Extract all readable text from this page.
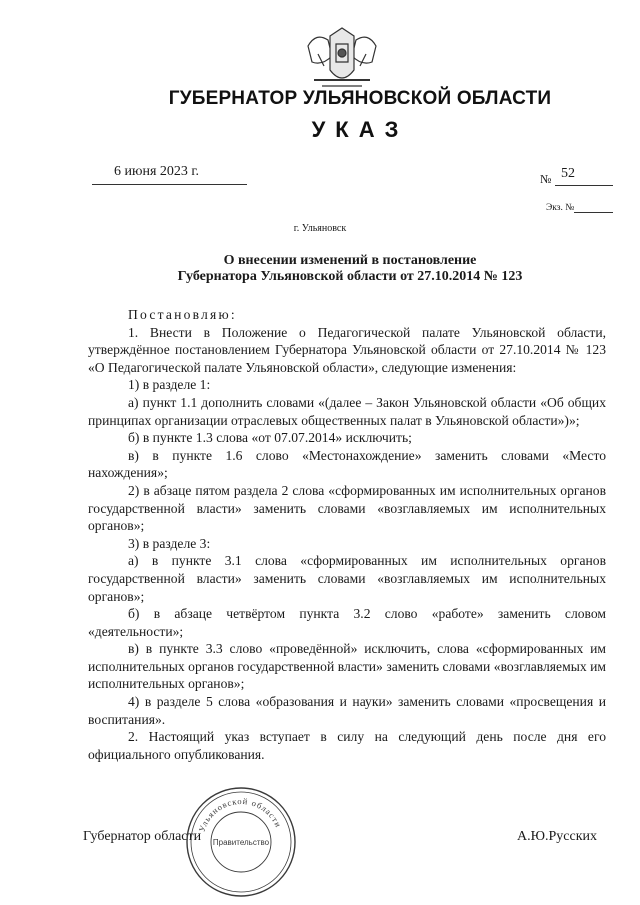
ГУБЕРНАТОР УЛЬЯНОВСКОЙ ОБЛАСТИ
УКАЗ
6 июня 2023 г.	№ 52
Экз. №
г. Ульяновск
О внесении изменений в постановление
Губернатора Ульяновской области от 27.10.2014 № 123

Постановляю:

1. Внести в Положение о Педагогической палате Ульяновской области, утверждённое постановлением Губернатора Ульяновской области от 27.10.2014 № 123 «О Педагогической палате Ульяновской области», следующие изменения:

1) в разделе 1:

а) пункт 1.1 дополнить словами «(далее – Закон Ульяновской области «Об общих принципах организации отраслевых общественных палат в Ульяновской области»)»;

б) в пункте 1.3 слова «от 07.07.2014» исключить;

в) в пункте 1.6 слово «Местонахождение» заменить словами «Место нахождения»;

2) в абзаце пятом раздела 2 слова «сформированных им исполнительных органов государственной власти» заменить словами «возглавляемых им исполнительных органов»;

3) в разделе 3:

а) в пункте 3.1 слова «сформированных им исполнительных органов государственной власти» заменить словами «возглавляемых им исполнительных органов»;

б) в абзаце четвёртом пункта 3.2 слово «работе» заменить словом «деятельности»;

в) в пункте 3.3 слово «проведённой» исключить, слова «сформированных им исполнительных органов государственной власти» заменить словами «возглавляемых им исполнительных органов»;

4) в разделе 5 слова «образования и науки» заменить словами «просвещения и воспитания».

2. Настоящий указ вступает в силу на следующий день после дня его официального опубликования.

Губернатор области	А.Ю.Русских
Ульяновской области
Правительство
